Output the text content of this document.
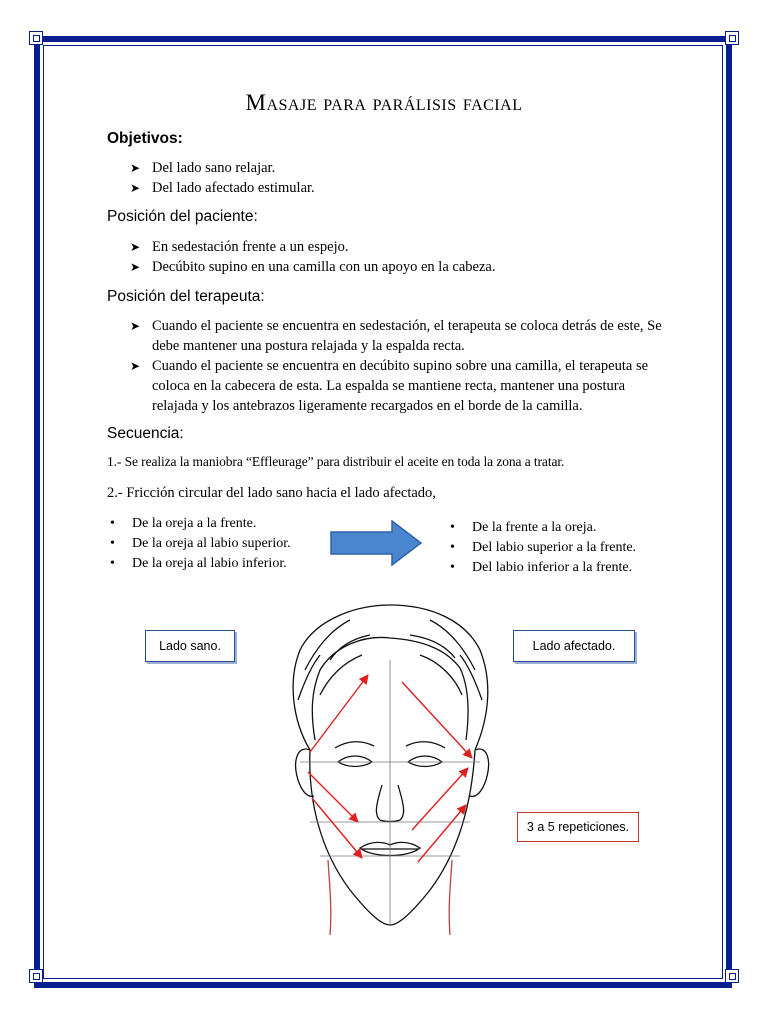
Masaje para parálisis facial
Objetivos:
➤ Del lado sano relajar.
➤ Del lado afectado estimular.
Posición del paciente:
➤ En sedestación frente a un espejo.
➤ Decúbito supino en una camilla con un apoyo en la cabeza.
Posición del terapeuta:
➤ Cuando el paciente se encuentra en sedestación, el terapeuta se coloca detrás de este, Se debe mantener una postura relajada y la espalda recta.
➤ Cuando el paciente se encuentra en decúbito supino sobre una camilla, el terapeuta se coloca en la cabecera de esta. La espalda se mantiene recta, mantener una postura relajada y los antebrazos ligeramente recargados en el borde de la camilla.
Secuencia:
1.- Se realiza la maniobra “Effleurage” para distribuir el aceite en toda la zona a tratar.
2.- Fricción circular del lado sano hacia el lado afectado,
• De la oreja a la frente.
• De la oreja al labio superior.
• De la oreja al labio inferior.
• De la frente a la oreja.
• Del labio superior a la frente.
• Del labio inferior a la frente.
Lado sano.	Lado afectado.
3 a 5 repeticiones.
